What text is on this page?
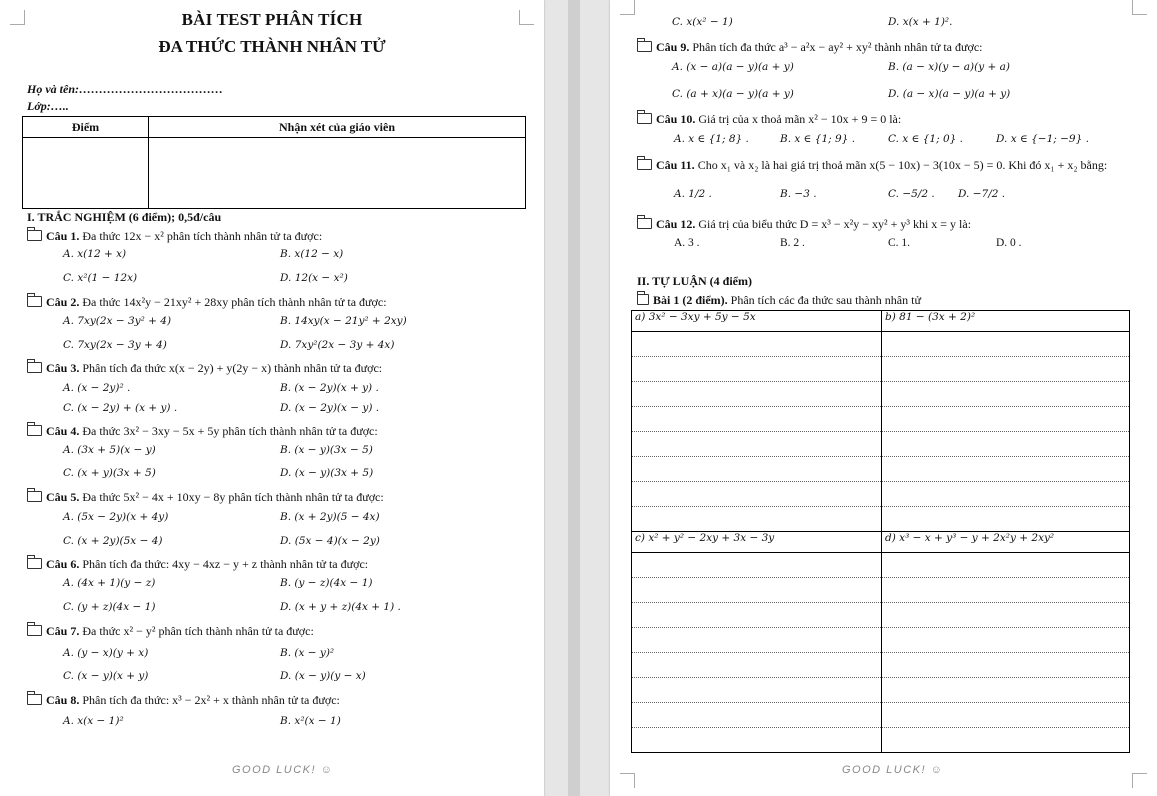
BÀI TEST PHÂN TÍCH
ĐA THỨC THÀNH NHÂN TỬ
Họ và tên:………………………………
Lớp:…..
Điểm	Nhận xét của giáo viên

I. TRẮC NGHIỆM (6 điểm); 0,5đ/câu
Câu 1. Đa thức 12x − x² phân tích thành nhân tử ta được:
A. x(12 + x)	B. x(12 − x)
C. x²(1 − 12x)	D. 12(x − x²)
Câu 2. Đa thức 14x²y − 21xy² + 28xy phân tích thành nhân tử ta được:
A. 7xy(2x − 3y² + 4)	B. 14xy(x − 21y² + 2xy)
C. 7xy(2x − 3y + 4)	D. 7xy²(2x − 3y + 4x)
Câu 3. Phân tích đa thức x(x − 2y) + y(2y − x) thành nhân tử ta được:
A. (x − 2y)² .	B. (x − 2y)(x + y) .
C. (x − 2y) + (x + y) .	D. (x − 2y)(x − y) .
Câu 4. Đa thức 3x² − 3xy − 5x + 5y phân tích thành nhân tử ta được:
A. (3x + 5)(x − y)	B. (x − y)(3x − 5)
C. (x + y)(3x + 5)	D. (x − y)(3x + 5)
Câu 5. Đa thức 5x² − 4x + 10xy − 8y phân tích thành nhân tử ta được:
A. (5x − 2y)(x + 4y)	B. (x + 2y)(5 − 4x)
C. (x + 2y)(5x − 4)	D. (5x − 4)(x − 2y)
Câu 6. Phân tích đa thức: 4xy − 4xz − y + z thành nhân tử ta được:
A. (4x + 1)(y − z)	B. (y − z)(4x − 1)
C. (y + z)(4x − 1)	D. (x + y + z)(4x + 1) .
Câu 7. Đa thức x² − y² phân tích thành nhân tử ta được:
A. (y − x)(y + x)	B. (x − y)²
C. (x − y)(x + y)	D. (x − y)(y − x)
Câu 8. Phân tích đa thức: x³ − 2x² + x thành nhân tử ta được:
A. x(x − 1)²	B. x²(x − 1)
GOOD LUCK! ☺
C. x(x² − 1)	D. x(x + 1)².
Câu 9. Phân tích đa thức a³ − a²x − ay² + xy² thành nhân tử ta được:
A. (x − a)(a − y)(a + y)	B. (a − x)(y − a)(y + a)
C. (a + x)(a − y)(a + y)	D. (a − x)(a − y)(a + y)
Câu 10. Giá trị của x thoả mãn x² − 10x + 9 = 0 là:
A. x ∈ {1; 8} .	B. x ∈ {1; 9} .	C. x ∈ {1; 0} .	D. x ∈ {−1; −9} .
Câu 11. Cho x₁ và x₂ là hai giá trị thoả mãn x(5 − 10x) − 3(10x − 5) = 0. Khi đó x₁ + x₂ bằng:
A. 1/2 .	B. −3 .	C. −5/2 . D. −7/2 .
Câu 12. Giá trị của biểu thức D = x³ − x²y − xy² + y³ khi x = y là:
A. 3 .	B. 2 .	C. 1.	D. 0 .
II. TỰ LUẬN (4 điểm)
Bài 1 (2 điểm). Phân tích các đa thức sau thành nhân tử
a) 3x² − 3xy + 5y − 5x	b) 81 − (3x + 2)²

c) x² + y² − 2xy + 3x − 3y	d) x³ − x + y³ − y + 2x²y + 2xy²

GOOD LUCK! ☺
